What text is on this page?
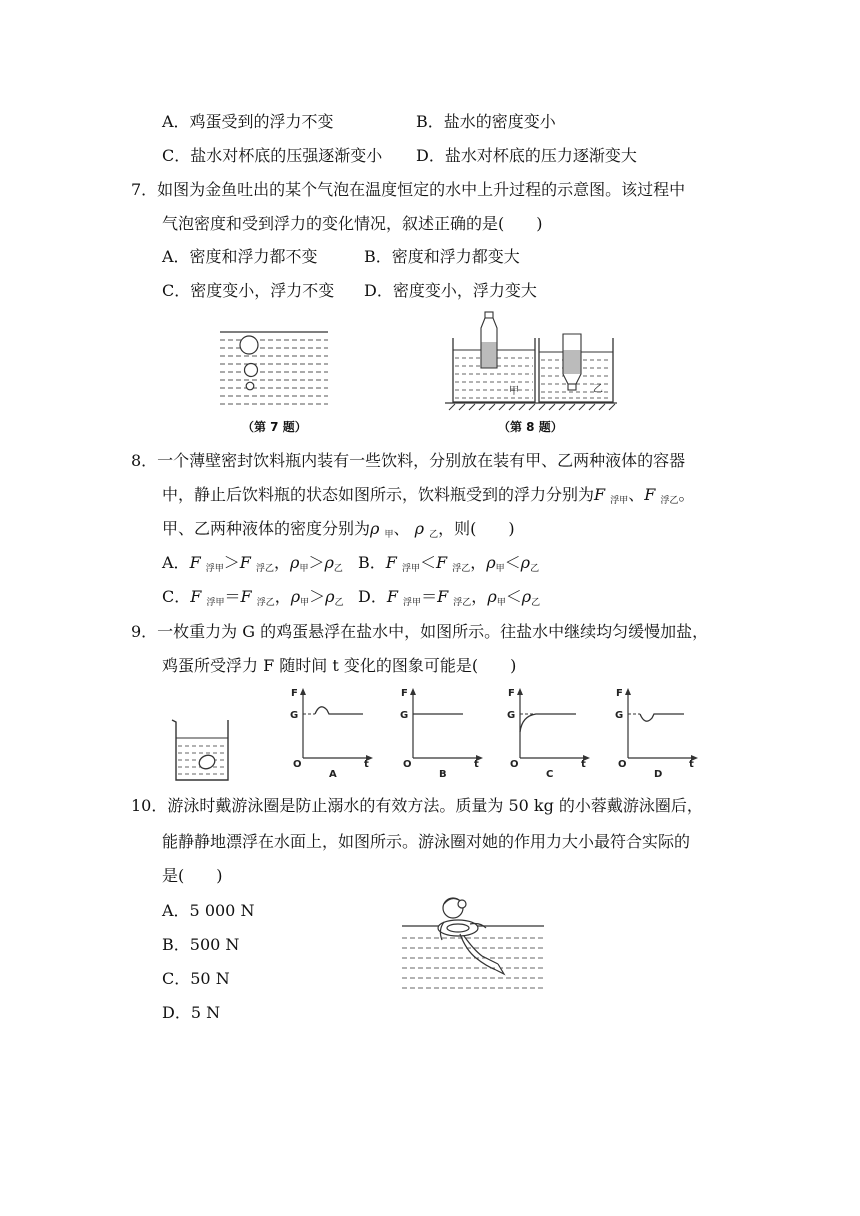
A．鸡蛋受到的浮力不变	B．盐水的密度变小
C．盐水对杯底的压强逐渐变小 D．盐水对杯底的压力逐渐变大
7．如图为金鱼吐出的某个气泡在温度恒定的水中上升过程的示意图。该过程中
气泡密度和受到浮力的变化情况，叙述正确的是(　　)
A．密度和浮力都不变	B．密度和浮力都变大
C．密度变小，浮力不变 D．密度变小，浮力变大
（第 7 题）
甲	乙
（第 8 题）
8．一个薄壁密封饮料瓶内装有一些饮料，分别放在装有甲、乙两种液体的容器
中，静止后饮料瓶的状态如图所示，饮料瓶受到的浮力分别为F $_{浮甲}$、F $_{浮乙}$。
甲、乙两种液体的密度分别为ρ $_甲$、 ρ $_乙$，则(　　)
A．F $_{浮甲}$＞F $_{浮乙}$，$\rho_甲>\rho_乙$ B．F $_{浮甲}$＜F $_{浮乙}$，$\rho_甲<\rho_乙$
C．F $_{浮甲}$＝F $_{浮乙}$，$\rho_甲>\rho_乙$ D．F $_{浮甲}$＝F $_{浮乙}$，$\rho_甲<\rho_乙$
9．一枚重力为 G 的鸡蛋悬浮在盐水中，如图所示。往盐水中继续均匀缓慢加盐，
鸡蛋所受浮力 F 随时间 t 变化的图象可能是(　　)
F
G
O	t
A
F
G
O	t
B
F
G
O	t
C
F
G
O	t
D
10．游泳时戴游泳圈是防止溺水的有效方法。质量为 50 kg 的小蓉戴游泳圈后，
能静静地漂浮在水面上，如图所示。游泳圈对她的作用力大小最符合实际的
是(　　)
A．5 000 N
B．500 N
C．50 N
D．5 N
